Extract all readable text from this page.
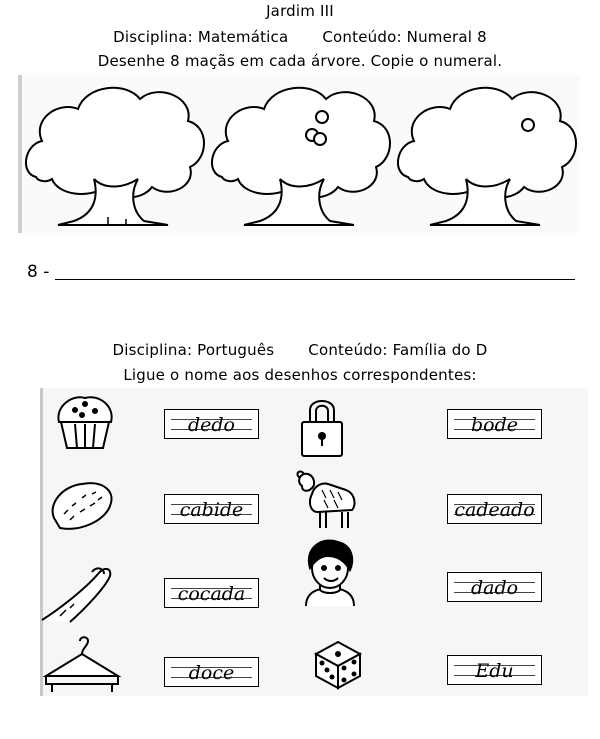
Jardim III
Disciplina: Matemática Conteúdo: Numeral 8
Desenhe 8 maçãs em cada árvore. Copie o numeral.
8 -
Disciplina: Português Conteúdo: Família do D
Ligue o nome aos desenhos correspondentes:
dedo
cabide
cocada
doce
bode
cadeado
dado
Edu
